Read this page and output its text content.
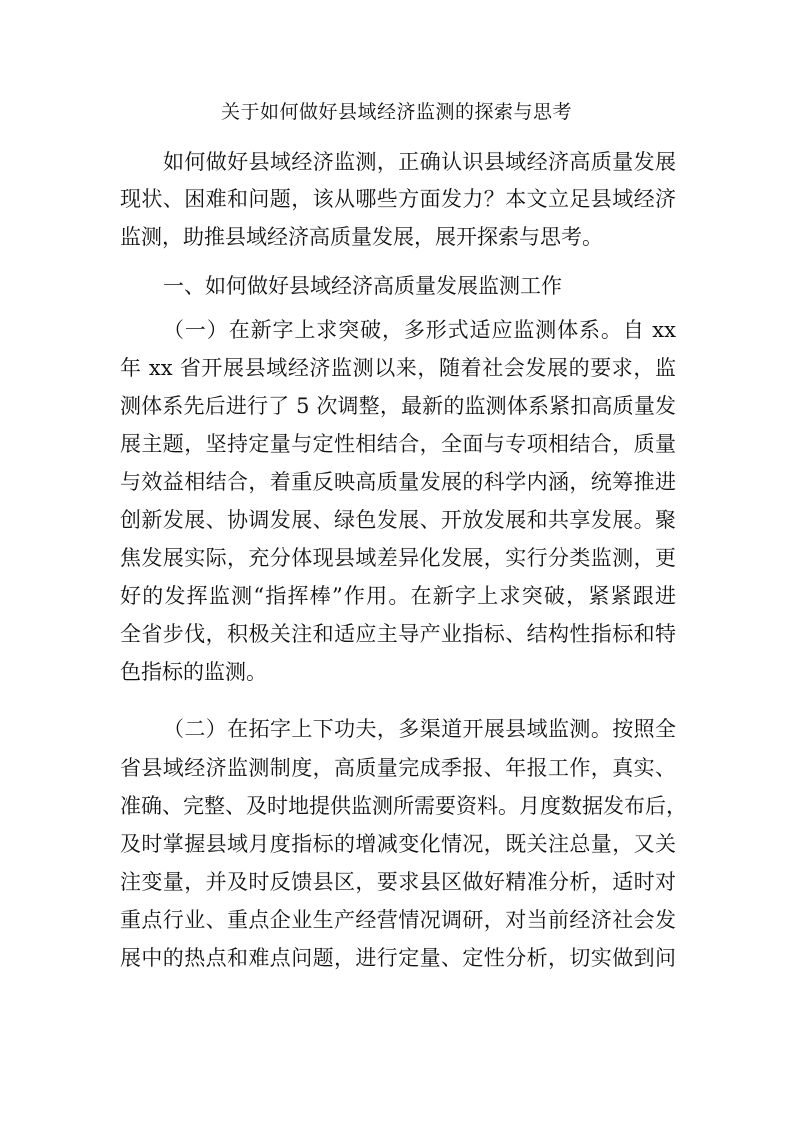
关于如何做好县域经济监测的探索与思考

如何做好县域经济监测，正确认识县域经济高质量发展

现状、困难和问题，该从哪些方面发力？本文立足县域经济

监测，助推县域经济高质量发展，展开探索与思考。

一、如何做好县域经济高质量发展监测工作

（一）在新字上求突破，多形式适应监测体系。自 xx

年 xx 省开展县域经济监测以来，随着社会发展的要求，监

测体系先后进行了 5 次调整，最新的监测体系紧扣高质量发

展主题，坚持定量与定性相结合，全面与专项相结合，质量

与效益相结合，着重反映高质量发展的科学内涵，统筹推进

创新发展、协调发展、绿色发展、开放发展和共享发展。聚

焦发展实际，充分体现县域差异化发展，实行分类监测，更

好的发挥监测“指挥棒”作用。在新字上求突破，紧紧跟进

全省步伐，积极关注和适应主导产业指标、结构性指标和特

色指标的监测。

（二）在拓字上下功夫，多渠道开展县域监测。按照全

省县域经济监测制度，高质量完成季报、年报工作，真实、

准确、完整、及时地提供监测所需要资料。月度数据发布后，

及时掌握县域月度指标的增减变化情况，既关注总量，又关

注变量，并及时反馈县区，要求县区做好精准分析，适时对

重点行业、重点企业生产经营情况调研，对当前经济社会发

展中的热点和难点问题，进行定量、定性分析，切实做到问
